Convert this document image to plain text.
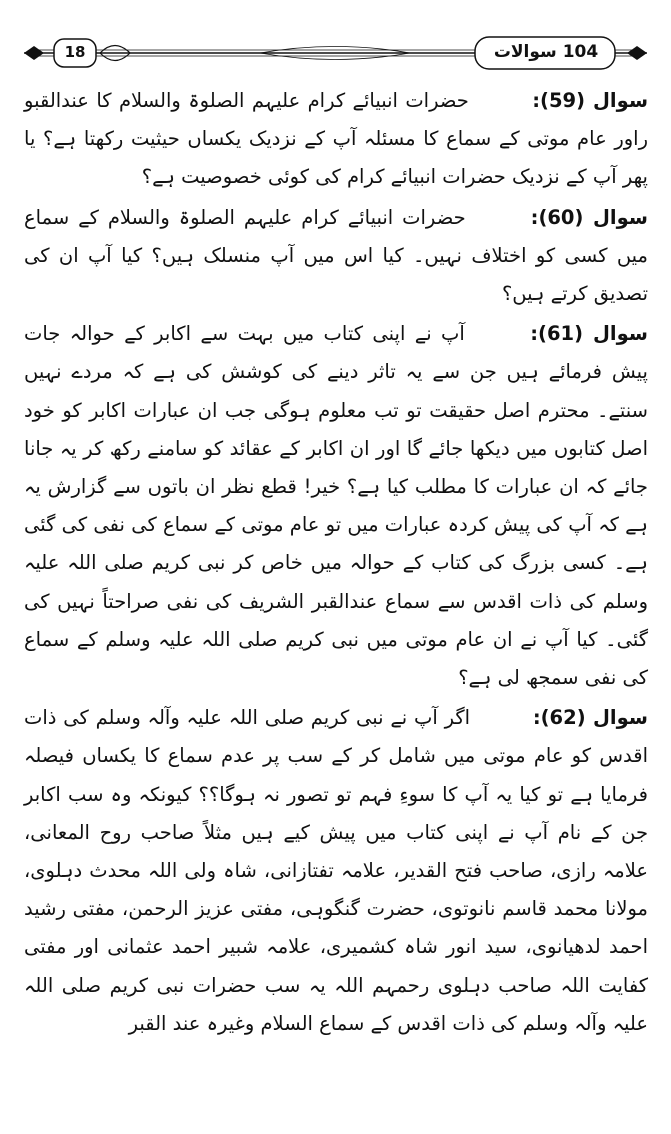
18	104 سوالات

سوال (59): حضرات انبیائے کرام علیہم الصلوۃ والسلام کا عندالقبو راور عام موتی کے سماع کا مسئلہ آپ کے نزدیک یکساں حیثیت رکھتا ہے؟ یا پھر آپ کے نزدیک حضرات انبیائے کرام کی کوئی خصوصیت ہے؟

سوال (60): حضرات انبیائے کرام علیہم الصلوۃ والسلام کے سماع میں کسی کو اختلاف نہیں۔ کیا اس میں آپ منسلک ہیں؟ کیا آپ ان کی تصدیق کرتے ہیں؟

سوال (61): آپ نے اپنی کتاب میں بہت سے اکابر کے حوالہ جات پیش فرمائے ہیں جن سے یہ تاثر دینے کی کوشش کی ہے کہ مردے نہیں سنتے۔ محترم اصل حقیقت تو تب معلوم ہوگی جب ان عبارات اکابر کو خود اصل کتابوں میں دیکھا جائے گا اور ان اکابر کے عقائد کو سامنے رکھ کر یہ جانا جائے کہ ان عبارات کا مطلب کیا ہے؟ خیر! قطع نظر ان باتوں سے گزارش یہ ہے کہ آپ کی پیش کردہ عبارات میں تو عام موتی کے سماع کی نفی کی گئی ہے۔ کسی بزرگ کی کتاب کے حوالہ میں خاص کر نبی کریم صلی اللہ علیہ وسلم کی ذات اقدس سے سماع عندالقبر الشریف کی نفی صراحتاً نہیں کی گئی۔ کیا آپ نے ان عام موتی میں نبی کریم صلی اللہ علیہ وسلم کے سماع کی نفی سمجھ لی ہے؟

سوال (62): اگر آپ نے نبی کریم صلی اللہ علیہ وآلہ وسلم کی ذات اقدس کو عام موتی میں شامل کر کے سب پر عدم سماع کا یکساں فیصلہ فرمایا ہے تو کیا یہ آپ کا سوءِ فہم تو تصور نہ ہوگا؟؟ کیونکہ وہ سب اکابر جن کے نام آپ نے اپنی کتاب میں پیش کیے ہیں مثلاً صاحب روح المعانی، علامہ رازی، صاحب فتح القدیر، علامہ تفتازانی، شاہ ولی اللہ محدث دہلوی، مولانا محمد قاسم نانوتوی، حضرت گنگوہی، مفتی عزیز الرحمن، مفتی رشید احمد لدھیانوی، سید انور شاہ کشمیری، علامہ شبیر احمد عثمانی اور مفتی کفایت اللہ صاحب دہلوی رحمہم اللہ یہ سب حضرات نبی کریم صلی اللہ علیہ وآلہ وسلم کی ذات اقدس کے سماع السلام وغیرہ عند القبر
